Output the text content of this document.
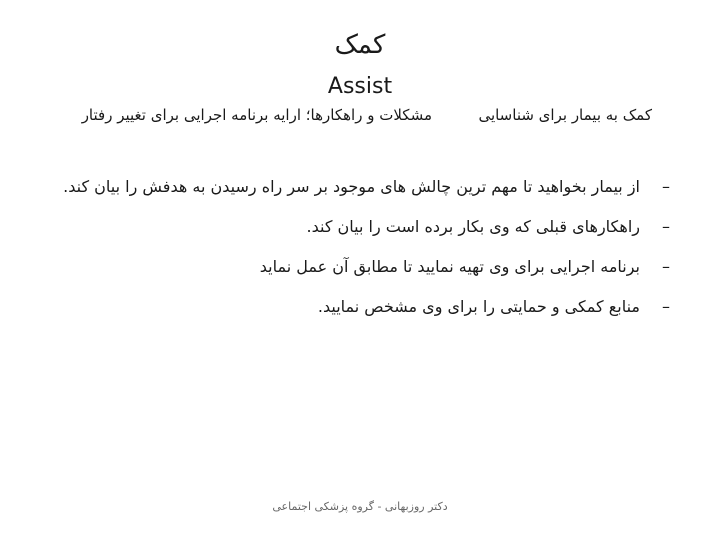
کمک
Assist
کمک به بیمار برای شناسایی
مشکلات و راهکارها؛ ارایه برنامه اجرایی برای تغییر رفتار
–
از بیمار بخواهید تا مهم ترین چالش های موجود بر سر راه رسیدن به هدفش را بیان کند.
–
راهکارهای قبلی که وی بکار برده است را بیان کند.
–
برنامه اجرایی برای وی تهیه نمایید تا مطابق آن عمل نماید
–
منابع کمکی و حمایتی را برای وی مشخص نمایید.
دکتر روزبهانی - گروه پزشکی اجتماعی
